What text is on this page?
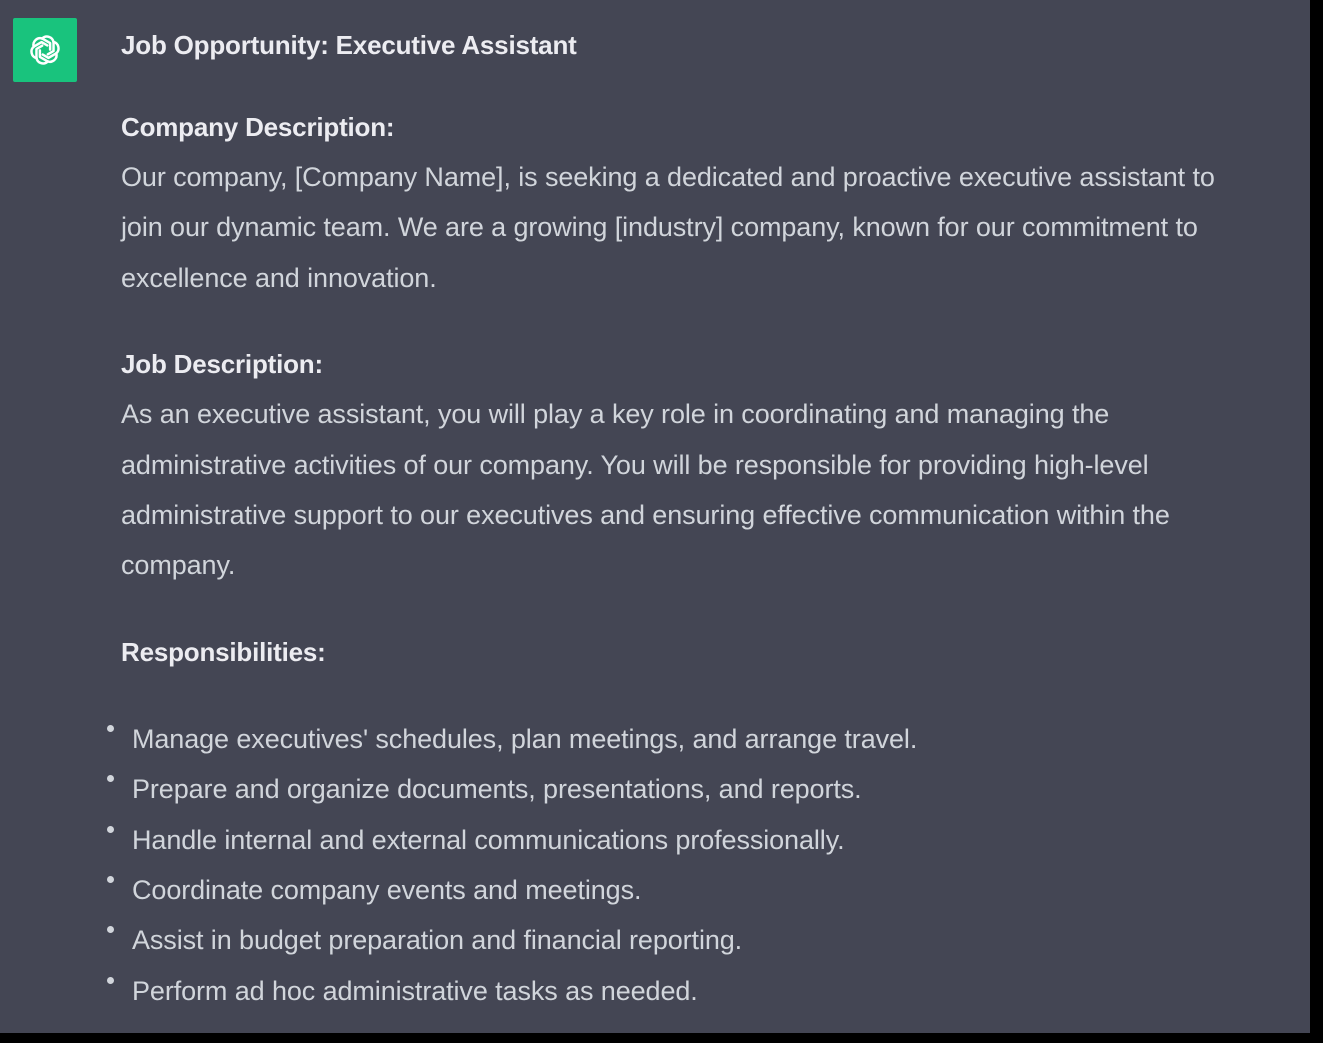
Job Opportunity: Executive Assistant

Company Description:

Our company, [Company Name], is seeking a dedicated and proactive executive assistant to
join our dynamic team. We are a growing [industry] company, known for our commitment to
excellence and innovation.

Job Description:

As an executive assistant, you will play a key role in coordinating and managing the
administrative activities of our company. You will be responsible for providing high-level
administrative support to our executives and ensuring effective communication within the
company.

Responsibilities:

Manage executives' schedules, plan meetings, and arrange travel.
Prepare and organize documents, presentations, and reports.
Handle internal and external communications professionally.
Coordinate company events and meetings.
Assist in budget preparation and financial reporting.
Perform ad hoc administrative tasks as needed.
